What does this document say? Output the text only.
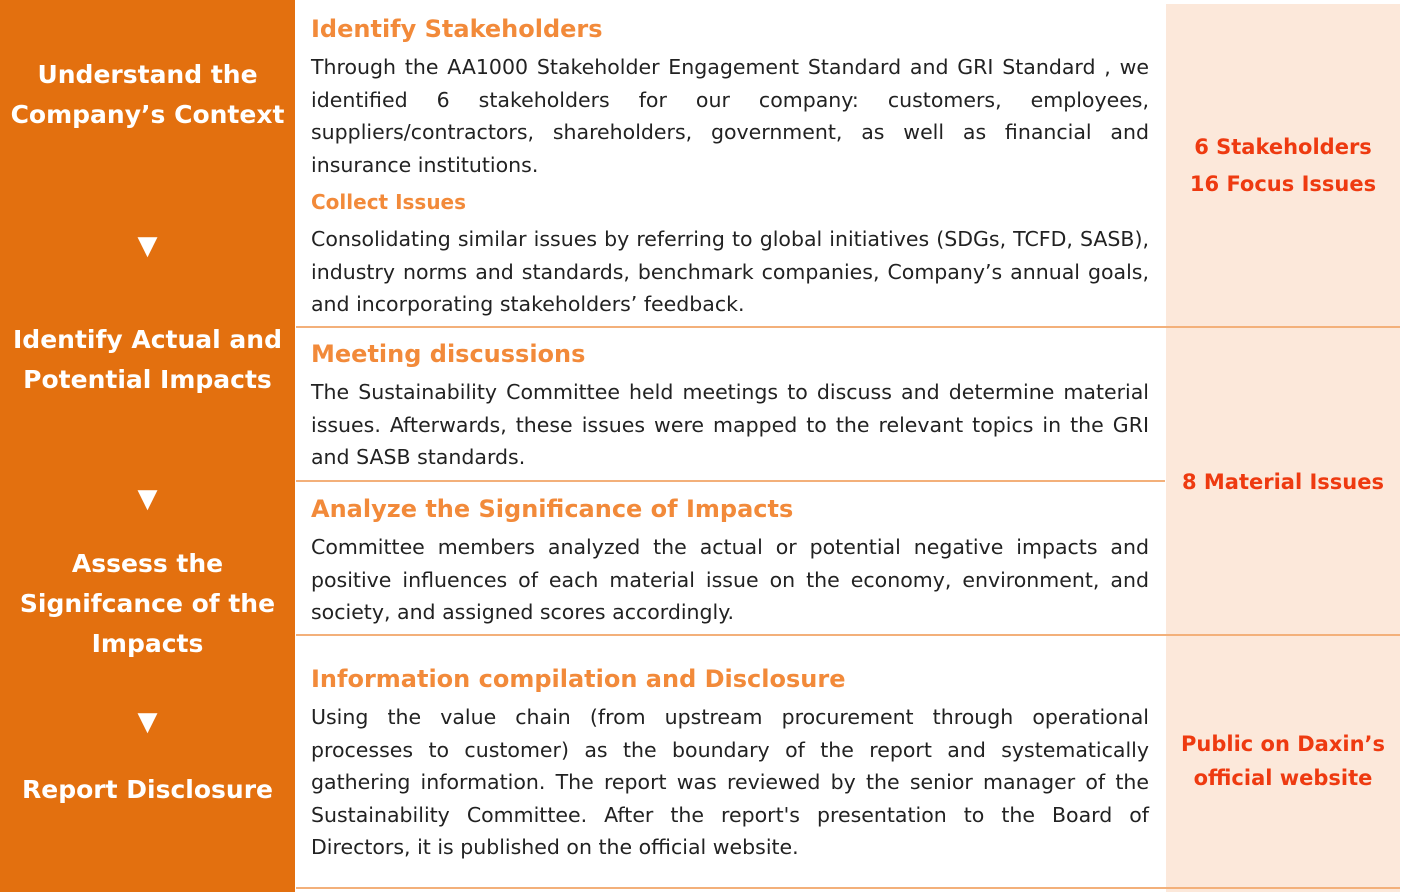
Understand the Company’s Context
▼
Identify Actual and Potential Impacts
▼
Assess the Signifcance of the Impacts
▼
Report Disclosure
Identify Stakeholders
Through the AA1000 Stakeholder Engagement Standard and GRI Standard , we identified 6 stakeholders for our company: customers, employees, suppliers/contractors, shareholders, government, as well as financial and insurance institutions.
Collect Issues
Consolidating similar issues by referring to global initiatives (SDGs, TCFD, SASB), industry norms and standards, benchmark companies, Company’s annual goals, and incorporating stakeholders’ feedback.
Meeting discussions
The Sustainability Committee held meetings to discuss and determine material issues. Afterwards, these issues were mapped to the relevant topics in the GRI and SASB standards.
Analyze the Significance of Impacts
Committee members analyzed the actual or potential negative impacts and positive influences of each material issue on the economy, environment, and society, and assigned scores accordingly.
Information compilation and Disclosure
Using the value chain (from upstream procurement through operational processes to customer) as the boundary of the report and systematically gathering information. The report was reviewed by the senior manager of the Sustainability Committee. After the report's presentation to the Board of Directors, it is published on the official website.
6 Stakeholders
16 Focus Issues
8 Material Issues
Public on Daxin’s
official website
